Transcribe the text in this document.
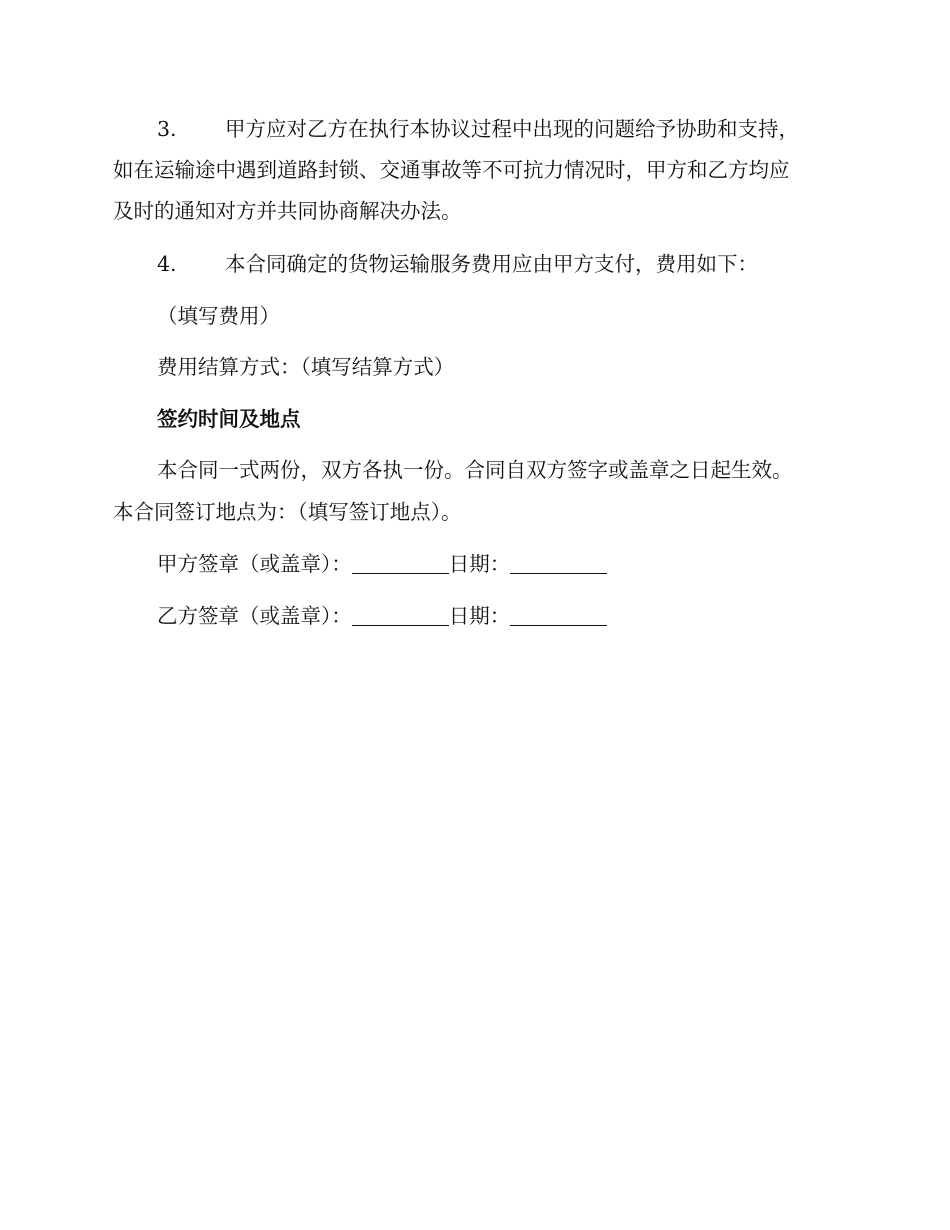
3. 甲方应对乙方在执行本协议过程中出现的问题给予协助和支持，
如在运输途中遇到道路封锁、交通事故等不可抗力情况时，甲方和乙方均应
及时的通知对方并共同协商解决办法。
4. 本合同确定的货物运输服务费用应由甲方支付，费用如下：
（填写费用）
费用结算方式：（填写结算方式）
签约时间及地点
本合同一式两份，双方各执一份。合同自双方签字或盖章之日起生效。
本合同签订地点为：（填写签订地点）。
甲方签章（或盖章）：	日期：
乙方签章（或盖章）：	日期：
